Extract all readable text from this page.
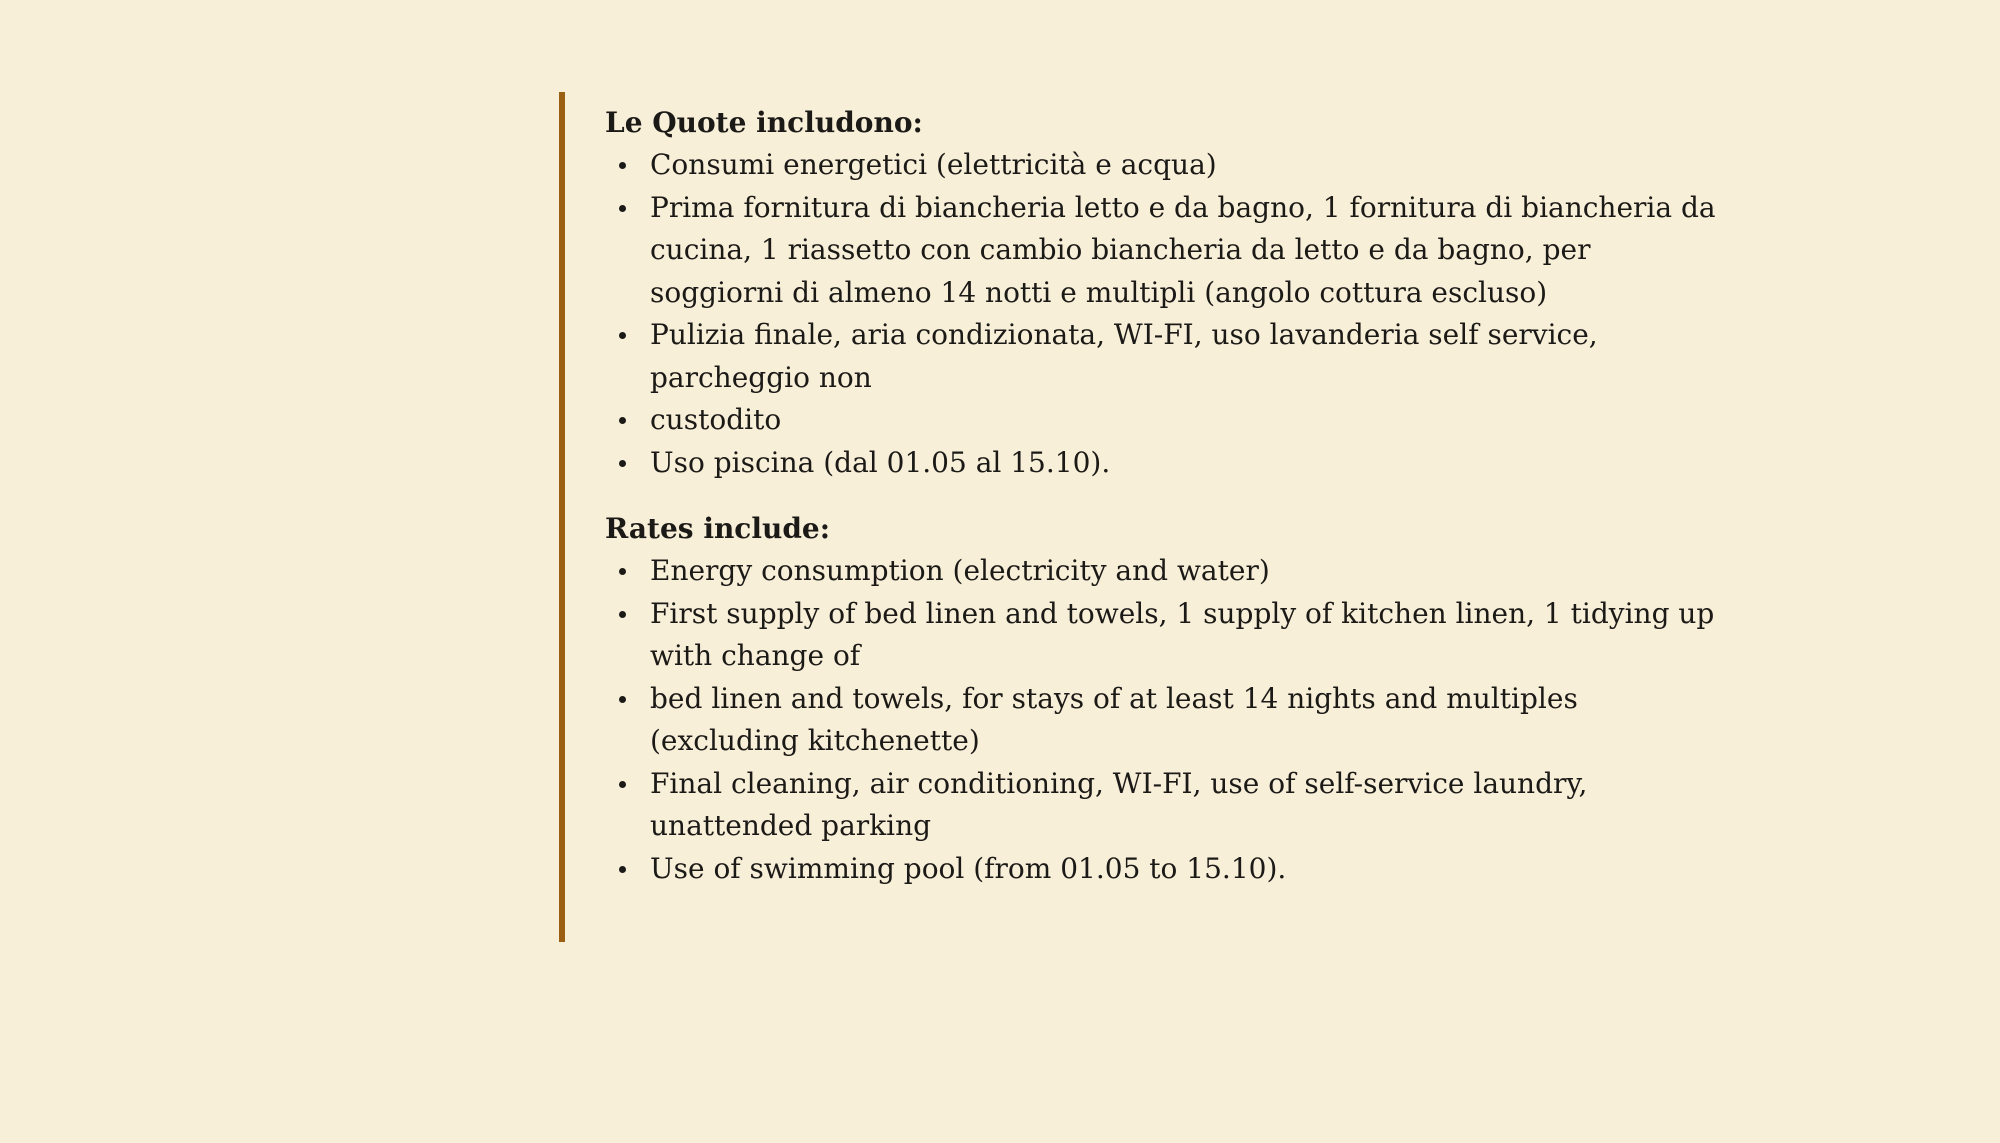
Le Quote includono:
Consumi energetici (elettricità e acqua)
Prima fornitura di biancheria letto e da bagno, 1 fornitura di biancheria da cucina, 1 riassetto con cambio biancheria da letto e da bagno, per soggiorni di almeno 14 notti e multipli (angolo cottura escluso)
Pulizia finale, aria condizionata, WI-FI, uso lavanderia self service, parcheggio non
custodito
Uso piscina (dal 01.05 al 15.10).
Rates include:
Energy consumption (electricity and water)
First supply of bed linen and towels, 1 supply of kitchen linen, 1 tidying up with change of
bed linen and towels, for stays of at least 14 nights and multiples (excluding kitchenette)
Final cleaning, air conditioning, WI-FI, use of self-service laundry, unattended parking
Use of swimming pool (from 01.05 to 15.10).
